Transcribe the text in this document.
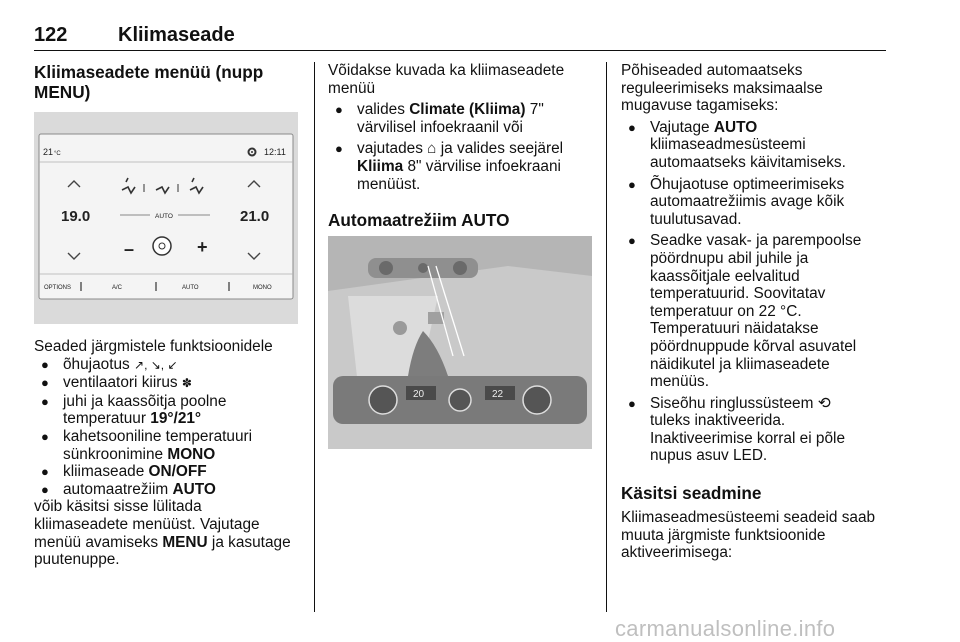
122	Kliimaseade
Kliimaseadete menüü (nupp
MENU)
21 °C	12:11
19.0	21.0
AUTO
–	+
OPTIONS	A/C	AUTO	MONO

Seaded järgmistele funktsioonidele

● õhujaotus ↗, ↘, ↙
● ventilaatori kiirus ✽
● juhi ja kaassõitja poolne
temperatuur 19°/21°
● kahetsooniline temperatuuri
sünkroonimine MONO
● kliimaseade ON/OFF
● automaatrežiim AUTO

võib käsitsi sisse lülitada
kliimaseadete menüüst. Vajutage
menüü avamiseks MENU ja kasutage
puutenuppe.

Võidakse kuvada ka kliimaseadete
menüü

● valides Climate (Kliima) 7"
värvilisel infoekraanil või
● vajutades ⌂ ja valides seejärel
Kliima 8" värvilise infoekraani
menüüst.
Automaatrežiim AUTO
20	22

Põhiseaded automaatseks
reguleerimiseks maksimaalse
mugavuse tagamiseks:

● Vajutage AUTO
kliimaseadmesüsteemi
automaatseks käivitamiseks.
● Õhujaotuse optimeerimiseks
automaatrežiimis avage kõik
tuulutusavad.
● Seadke vasak- ja parempoolse
pöördnupu abil juhile ja
kaassõitjale eelvalitud
temperatuurid. Soovitatav
temperatuur on 22 °C.
Temperatuuri näidatakse
pöördnuppude kõrval asuvatel
näidikutel ja kliimaseadete
menüüs.
● Siseõhu ringlussüsteem ⟲
tuleks inaktiveerida.
Inaktiveerimise korral ei põle
nupus asuv LED.
Käsitsi seadmine

Kliimaseadmesüsteemi seadeid saab
muuta järgmiste funktsioonide
aktiveerimisega:

carmanualsonline.info
